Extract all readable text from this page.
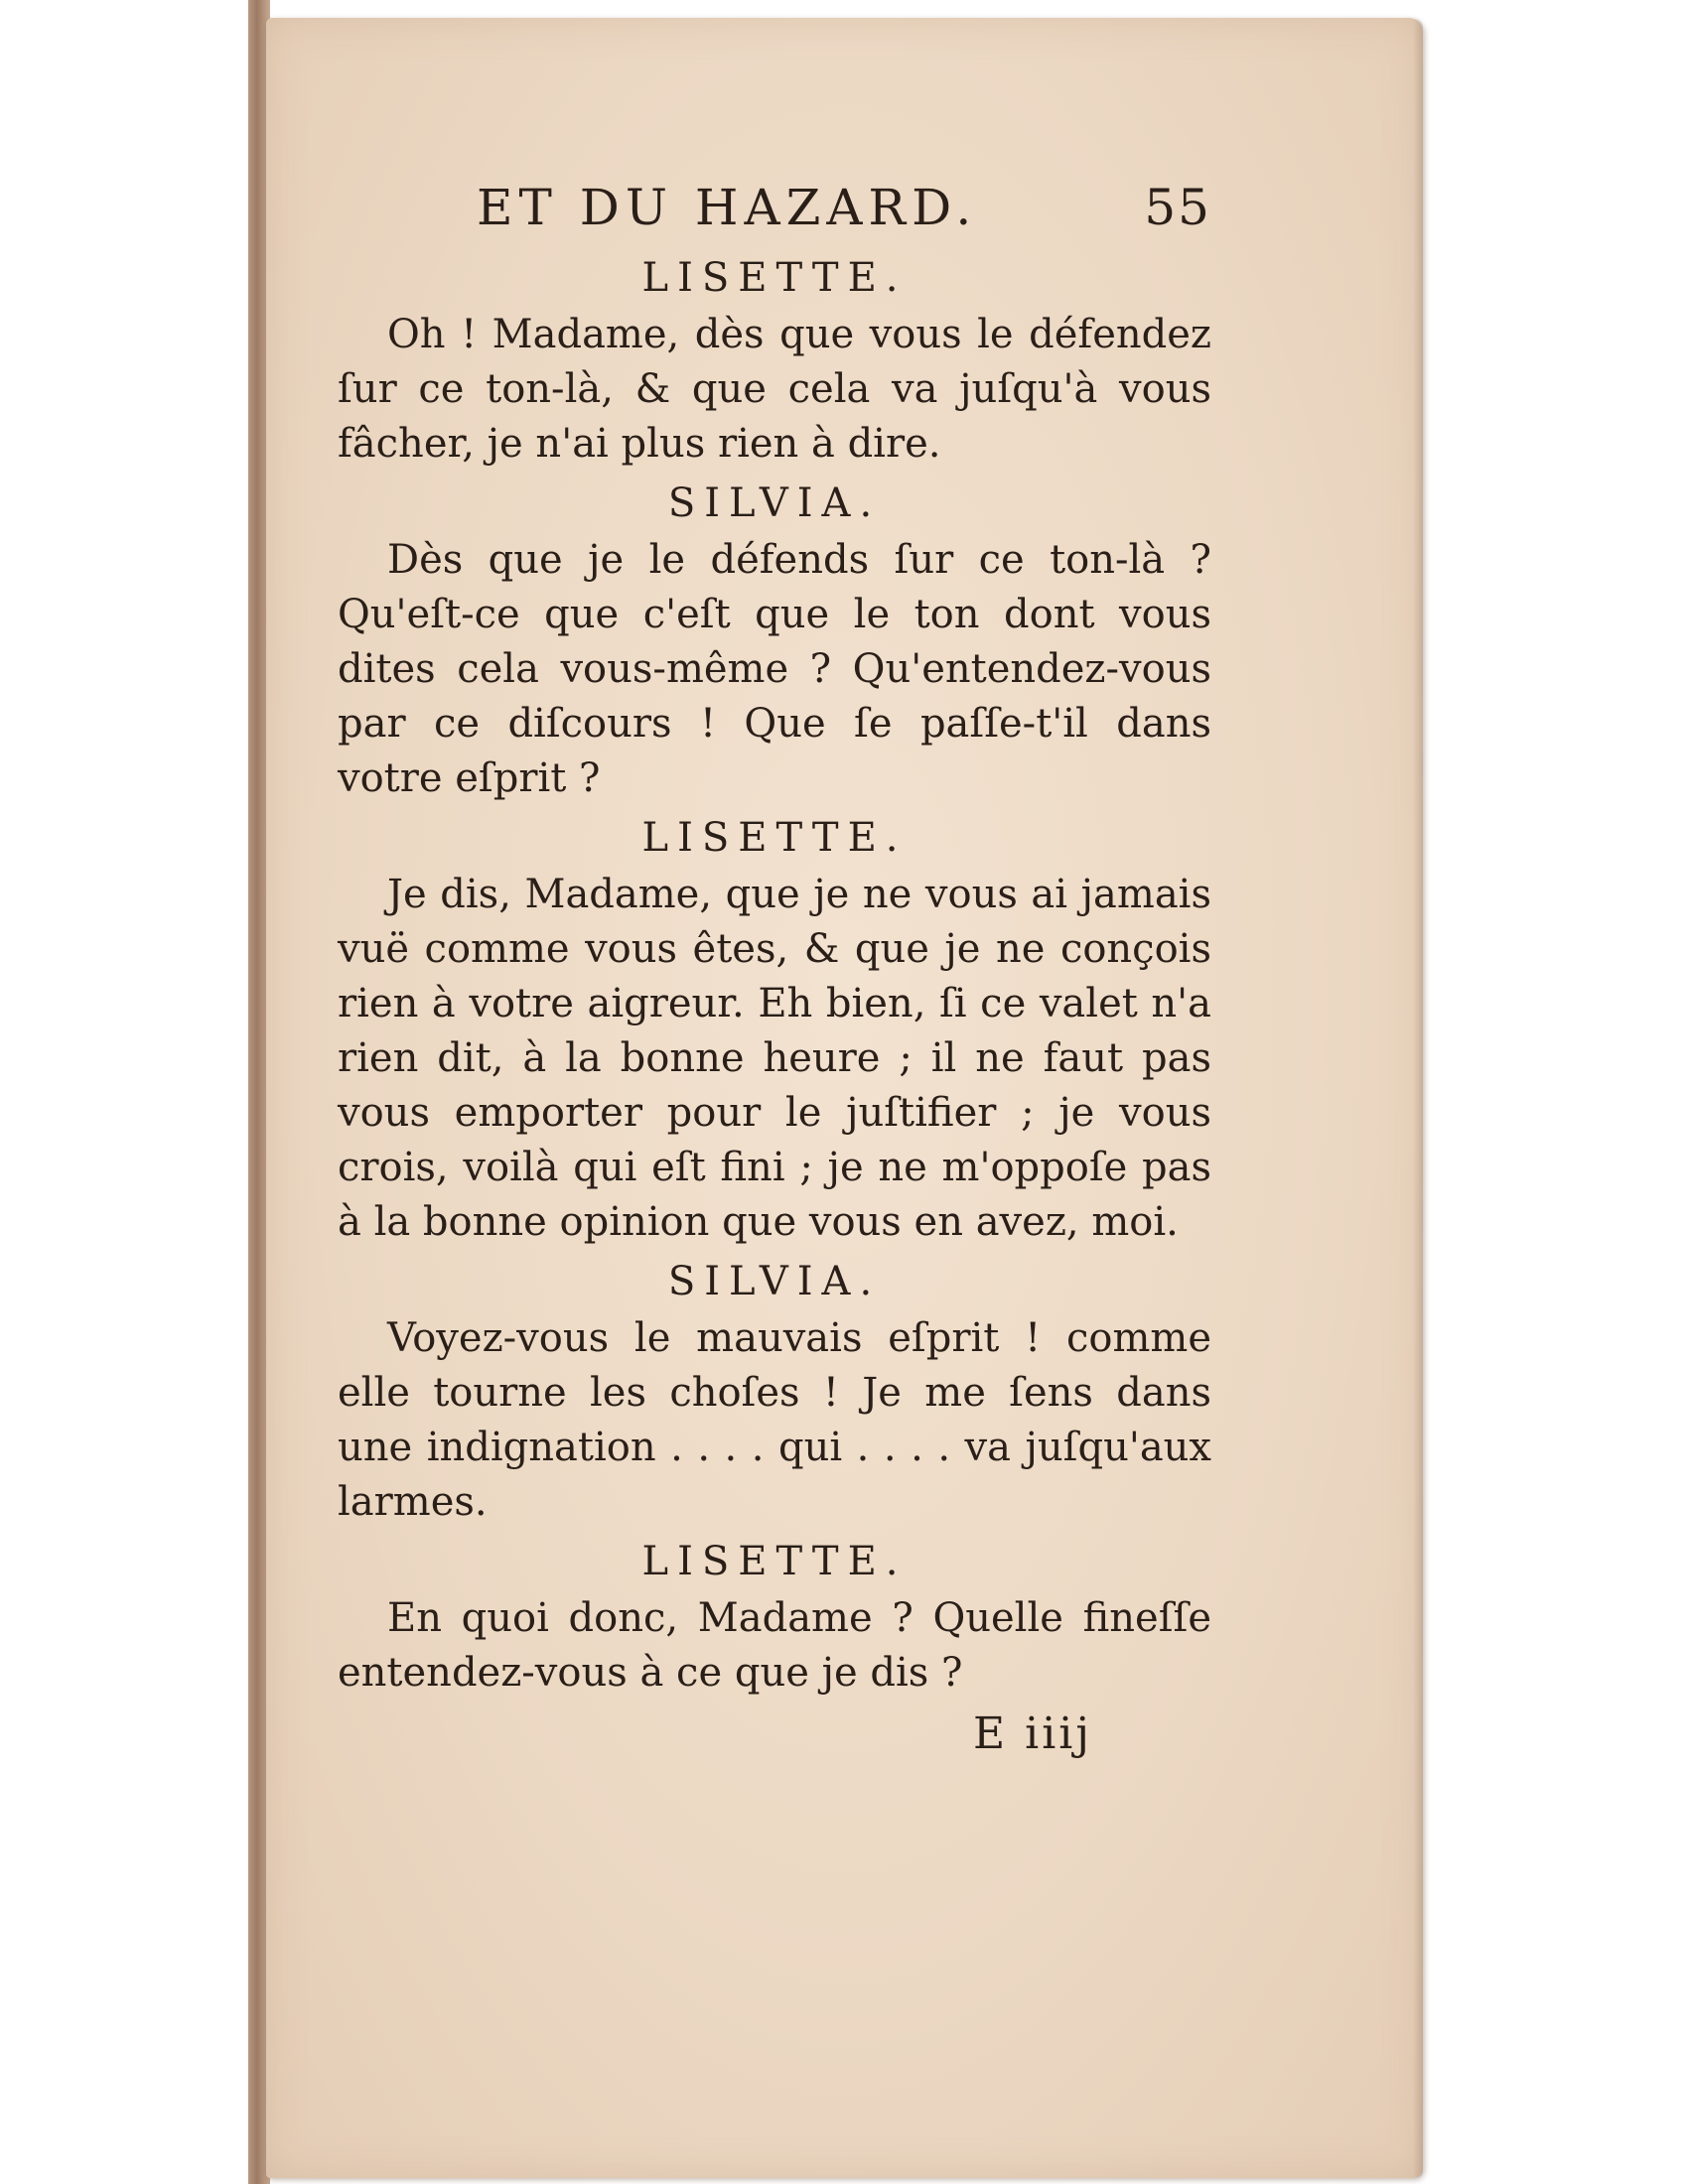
ET DU HAZARD.	55
LISETTE.

Oh ! Madame, dès que vous le défendez ſur ce ton-là, & que cela va juſqu'à vous fâcher, je n'ai plus rien à dire.

SILVIA.

Dès que je le défends ſur ce ton-là ? Qu'eſt-ce que c'eſt que le ton dont vous dites cela vous-même ? Qu'entendez-vous par ce diſcours ! Que ſe paſſe-t'il dans votre eſprit ?

LISETTE.

Je dis, Madame, que je ne vous ai jamais vuë comme vous êtes, & que je ne conçois rien à votre aigreur. Eh bien, ſi ce valet n'a rien dit, à la bonne heure ; il ne faut pas vous emporter pour le juſtifier ; je vous crois, voilà qui eſt fini ; je ne m'oppoſe pas à la bonne opinion que vous en avez, moi.

SILVIA.

Voyez-vous le mauvais eſprit ! comme elle tourne les choſes ! Je me ſens dans une indignation . . . . qui . . . . va juſqu'aux larmes.

LISETTE.

En quoi donc, Madame ? Quelle fineſſe entendez-vous à ce que je dis ?

E iiij
